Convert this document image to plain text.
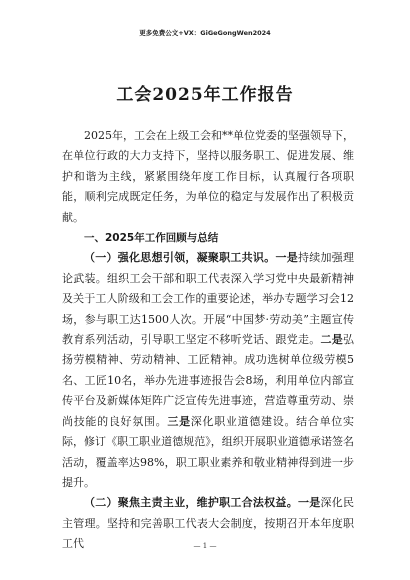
更多免费公文+VX：GiGeGongWen2024
工会2025年工作报告

2025年，工会在上级工会和**单位党委的坚强领导下，在单位行政的大力支持下，坚持以服务职工、促进发展、维护和谐为主线，紧紧围绕年度工作目标，认真履行各项职能，顺利完成既定任务，为单位的稳定与发展作出了积极贡献。

一、2025年工作回顾与总结

（一）强化思想引领，凝聚职工共识。一是持续加强理论武装。组织工会干部和职工代表深入学习党中央最新精神及关于工人阶级和工会工作的重要论述，举办专题学习会12场，参与职工达1500人次。开展“中国梦·劳动美”主题宣传教育系列活动，引导职工坚定不移听党话、跟党走。二是弘扬劳模精神、劳动精神、工匠精神。成功选树单位级劳模5名、工匠10名，举办先进事迹报告会8场，利用单位内部宣传平台及新媒体矩阵广泛宣传先进事迹，营造尊重劳动、崇尚技能的良好氛围。三是深化职业道德建设。结合单位实际，修订《职工职业道德规范》，组织开展职业道德承诺签名活动，覆盖率达98%，职工职业素养和敬业精神得到进一步提升。

（二）聚焦主责主业，维护职工合法权益。一是深化民主管理。坚持和完善职工代表大会制度，按期召开本年度职工代	— 1 —
